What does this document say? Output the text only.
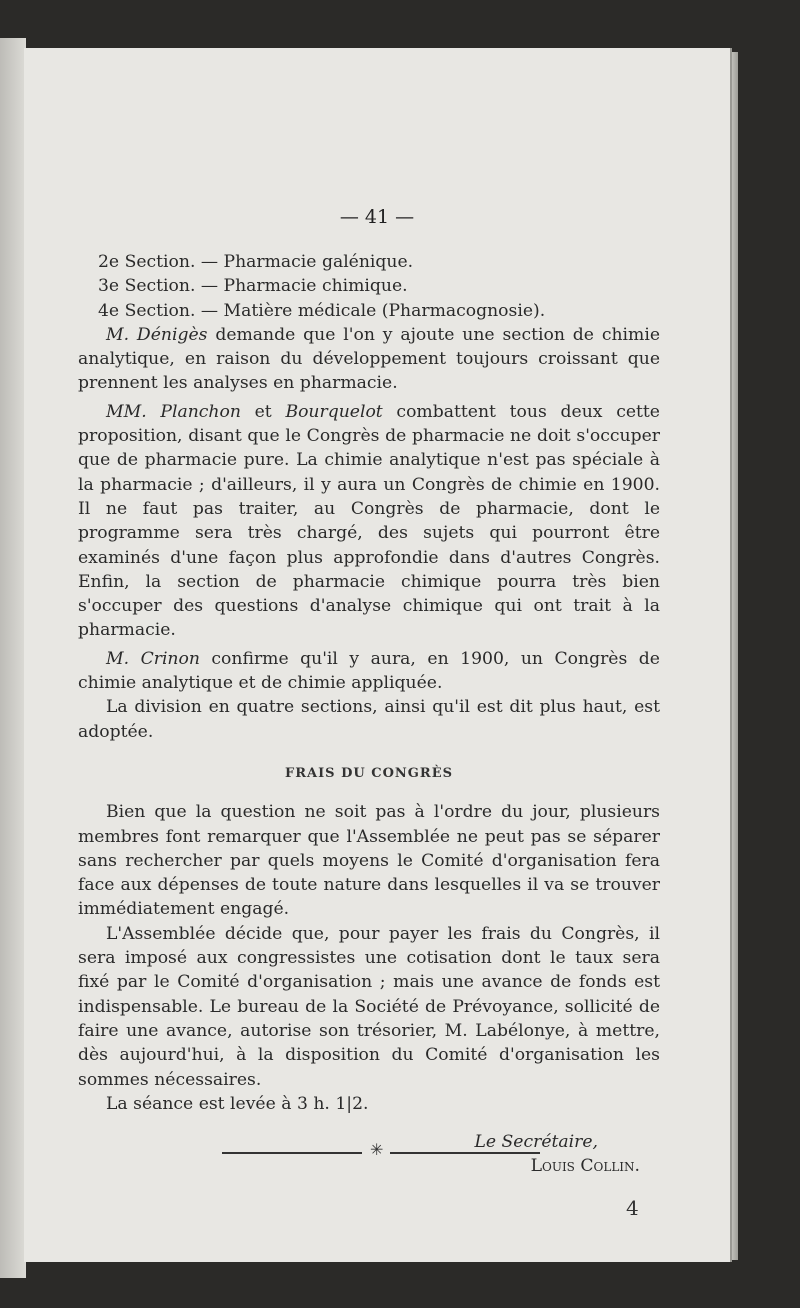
— 41 —
2e Section. — Pharmacie galénique.
3e Section. — Pharmacie chimique.
4e Section. — Matière médicale (Pharmacognosie).

M. Dénigès demande que l'on y ajoute une section de chimie analytique, en raison du développement toujours croissant que prennent les analyses en pharmacie.

MM. Planchon et Bourquelot combattent tous deux cette proposition, disant que le Congrès de pharmacie ne doit s'occuper que de pharmacie pure. La chimie analytique n'est pas spéciale à la pharmacie ; d'ailleurs, il y aura un Congrès de chimie en 1900. Il ne faut pas traiter, au Congrès de pharmacie, dont le programme sera très chargé, des sujets qui pourront être examinés d'une façon plus approfondie dans d'autres Congrès. Enfin, la section de pharmacie chimique pourra très bien s'occuper des questions d'analyse chimique qui ont trait à la pharmacie.

M. Crinon confirme qu'il y aura, en 1900, un Congrès de chimie analytique et de chimie appliquée.

La division en quatre sections, ainsi qu'il est dit plus haut, est adoptée.

FRAIS DU CONGRÈS

Bien que la question ne soit pas à l'ordre du jour, plusieurs membres font remarquer que l'Assemblée ne peut pas se séparer sans rechercher par quels moyens le Comité d'organisation fera face aux dépenses de toute nature dans lesquelles il va se trouver immédiatement engagé.

L'Assemblée décide que, pour payer les frais du Congrès, il sera imposé aux congressistes une cotisation dont le taux sera fixé par le Comité d'organisation ; mais une avance de fonds est indispensable. Le bureau de la Société de Prévoyance, sollicité de faire une avance, autorise son trésorier, M. Labélonye, à mettre, dès aujourd'hui, à la disposition du Comité d'organisation les sommes nécessaires.

La séance est levée à 3 h. 1|2.

Le Secrétaire,
Louis Collin.
✳
4
